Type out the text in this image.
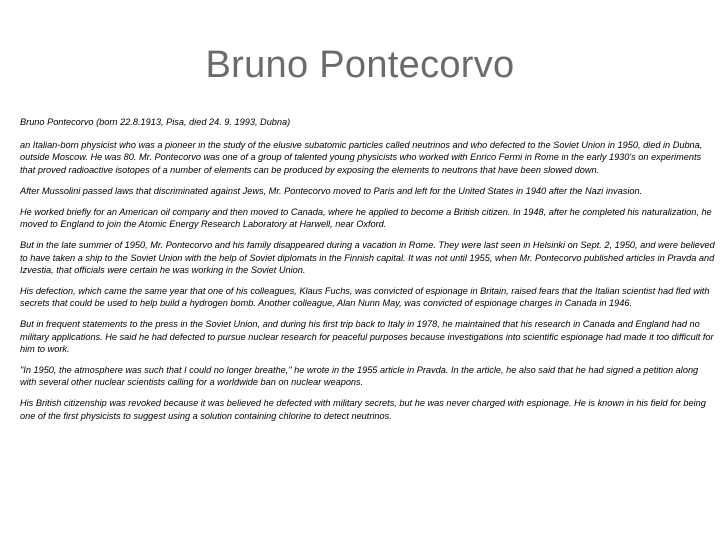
Bruno Pontecorvo

Bruno Pontecorvo (born 22.8.1913, Pisa, died 24. 9. 1993, Dubna)

an Italian-born physicist who was a pioneer in the study of the elusive subatomic particles called neutrinos and who defected to the Soviet Union in 1950, died in Dubna, outside Moscow. He was 80. Mr. Pontecorvo was one of a group of talented young physicists who worked with Enrico Fermi in Rome in the early 1930's on experiments that proved radioactive isotopes of a number of elements can be produced by exposing the elements to neutrons that have been slowed down.

After Mussolini passed laws that discriminated against Jews, Mr. Pontecorvo moved to Paris and left for the United States in 1940 after the Nazi invasion.

He worked briefly for an American oil company and then moved to Canada, where he applied to become a British citizen. In 1948, after he completed his naturalization, he moved to England to join the Atomic Energy Research Laboratory at Harwell, near Oxford.

But in the late summer of 1950, Mr. Pontecorvo and his family disappeared during a vacation in Rome. They were last seen in Helsinki on Sept. 2, 1950, and were believed to have taken a ship to the Soviet Union with the help of Soviet diplomats in the Finnish capital. It was not until 1955, when Mr. Pontecorvo published articles in Pravda and Izvestia, that officials were certain he was working in the Soviet Union.

His defection, which came the same year that one of his colleagues, Klaus Fuchs, was convicted of espionage in Britain, raised fears that the Italian scientist had fled with secrets that could be used to help build a hydrogen bomb. Another colleague, Alan Nunn May, was convicted of espionage charges in Canada in 1946.

But in frequent statements to the press in the Soviet Union, and during his first trip back to Italy in 1978, he maintained that his research in Canada and England had no military applications. He said he had defected to pursue nuclear research for peaceful purposes because investigations into scientific espionage had made it too difficult for him to work.

"In 1950, the atmosphere was such that I could no longer breathe," he wrote in the 1955 article in Pravda. In the article, he also said that he had signed a petition along with several other nuclear scientists calling for a worldwide ban on nuclear weapons.

His British citizenship was revoked because it was believed he defected with military secrets, but he was never charged with espionage. He is known in his field for being one of the first physicists to suggest using a solution containing chlorine to detect neutrinos.
